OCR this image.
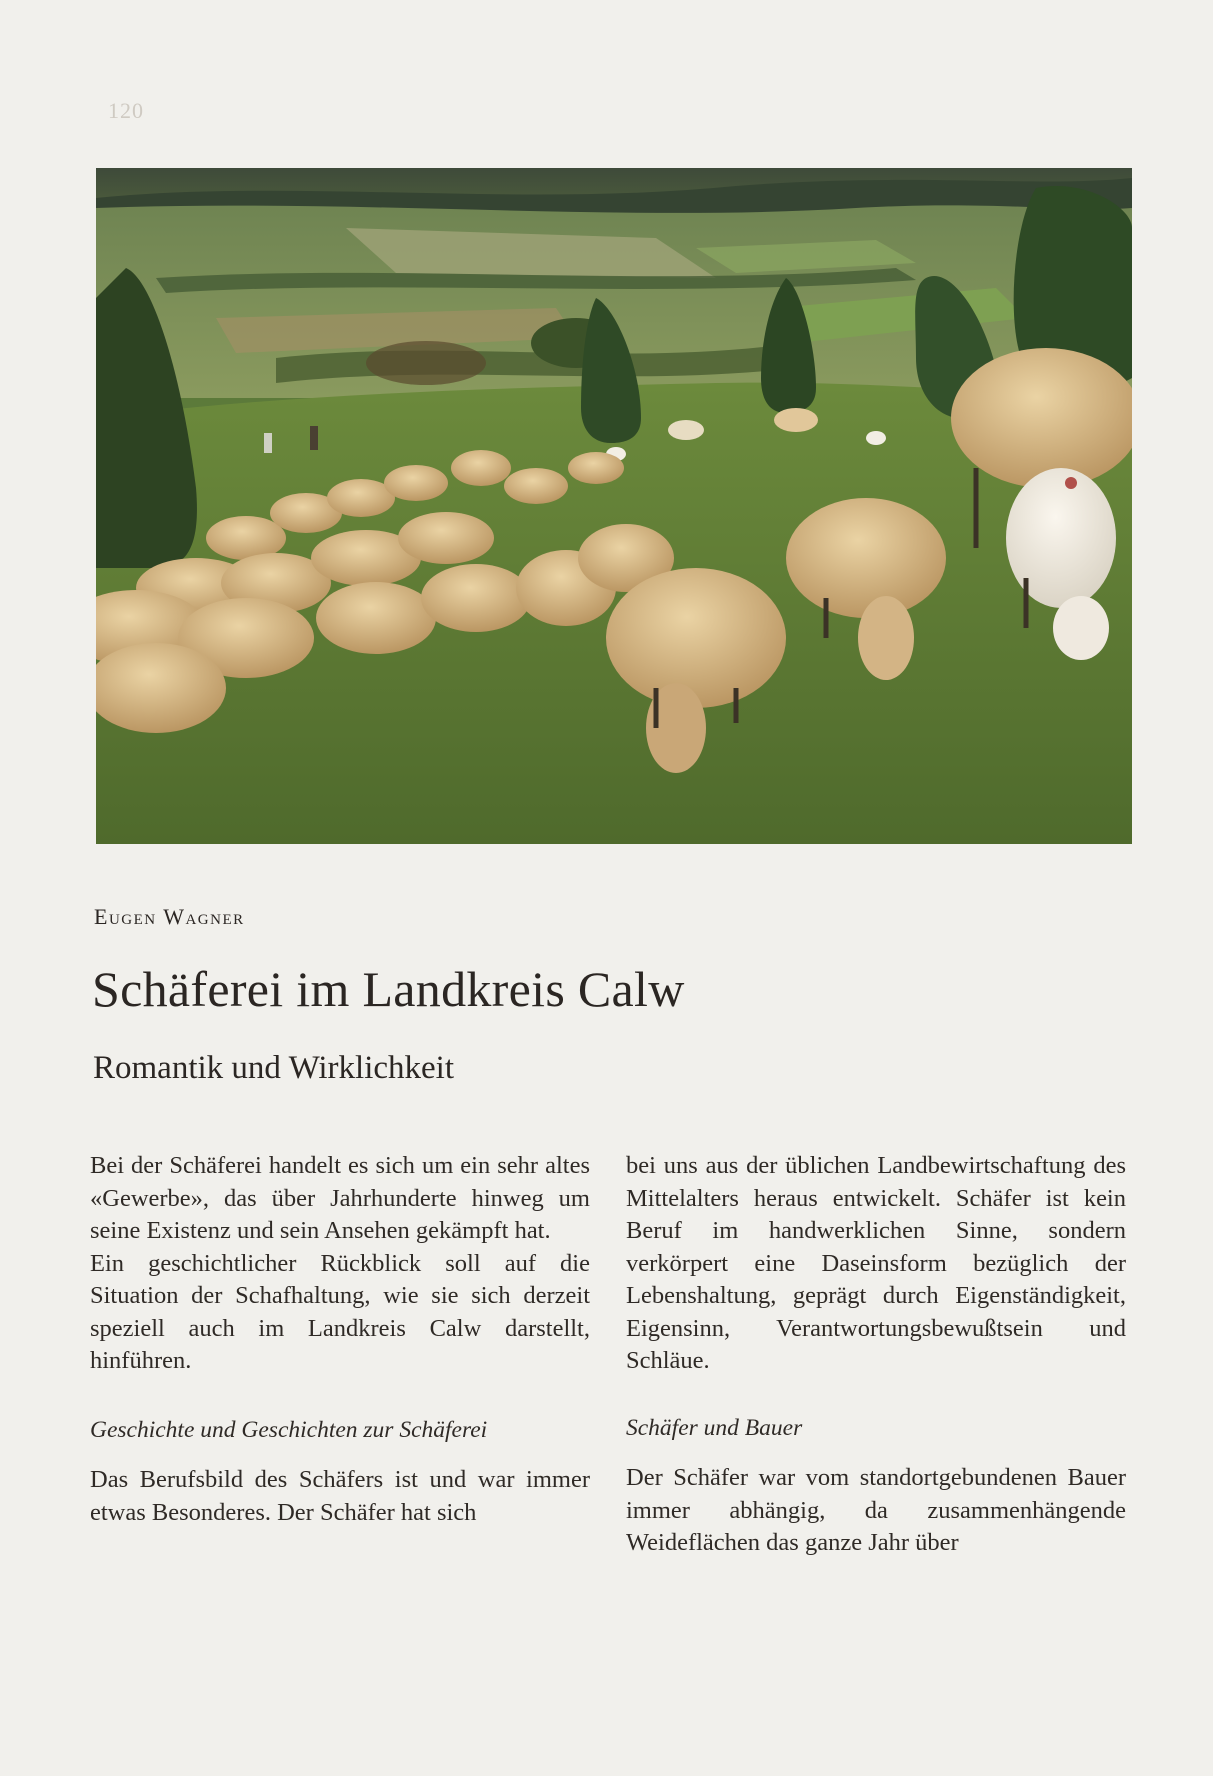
120
Eugen Wagner
Schäferei im Landkreis Calw
Romantik und Wirklichkeit

Bei der Schäferei handelt es sich um ein sehr altes «Gewerbe», das über Jahrhunderte hinweg um seine Existenz und sein Ansehen gekämpft hat.

Ein geschichtlicher Rückblick soll auf die Situation der Schafhaltung, wie sie sich derzeit speziell auch im Landkreis Calw darstellt, hinführen.

Geschichte und Geschichten zur Schäferei

Das Berufsbild des Schäfers ist und war immer etwas Besonderes. Der Schäfer hat sich

bei uns aus der üblichen Landbewirtschaftung des Mittelalters heraus entwickelt. Schäfer ist kein Beruf im handwerklichen Sinne, sondern verkörpert eine Daseinsform bezüglich der Lebenshaltung, geprägt durch Eigenständigkeit, Eigensinn, Verantwortungsbewußtsein und Schläue.

Schäfer und Bauer

Der Schäfer war vom standortgebundenen Bauer immer abhängig, da zusammenhängende Weideflächen das ganze Jahr über
